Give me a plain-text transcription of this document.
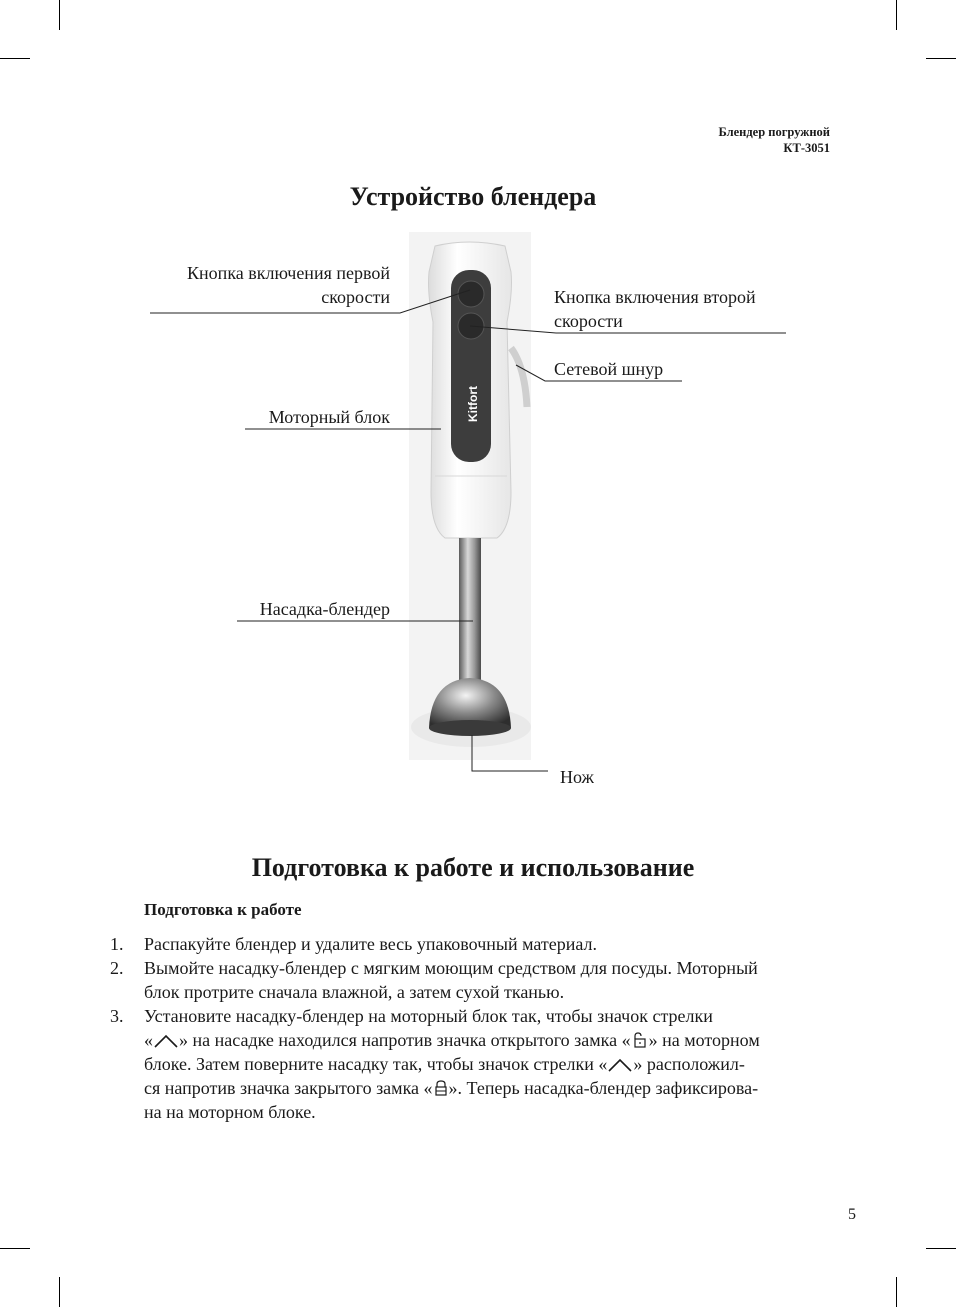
Блендер погружной
КТ-3051
Устройство блендера
Kitfort
Кнопка включения первой
скорости	Кнопка включения второй
скорости
Сетевой шнур
Моторный блок
Насадка-блендер
Нож
Подготовка к работе и использование
Подготовка к работе
1. Распакуйте блендер и удалите весь упаковочный материал.
2. Вымойте насадку-блендер с мягким моющим средством для посуды. Моторный
блок протрите сначала влажной, а затем сухой тканью.
3. Установите насадку-блендер на моторный блок так, чтобы значок стрелки
« » на насадке находился напротив значка открытого замка « » на моторном
блоке. Затем поверните насадку так, чтобы значок стрелки « » расположил-
ся напротив значка закрытого замка « ». Теперь насадка-блендер зафиксирова-
на на моторном блоке.
5
